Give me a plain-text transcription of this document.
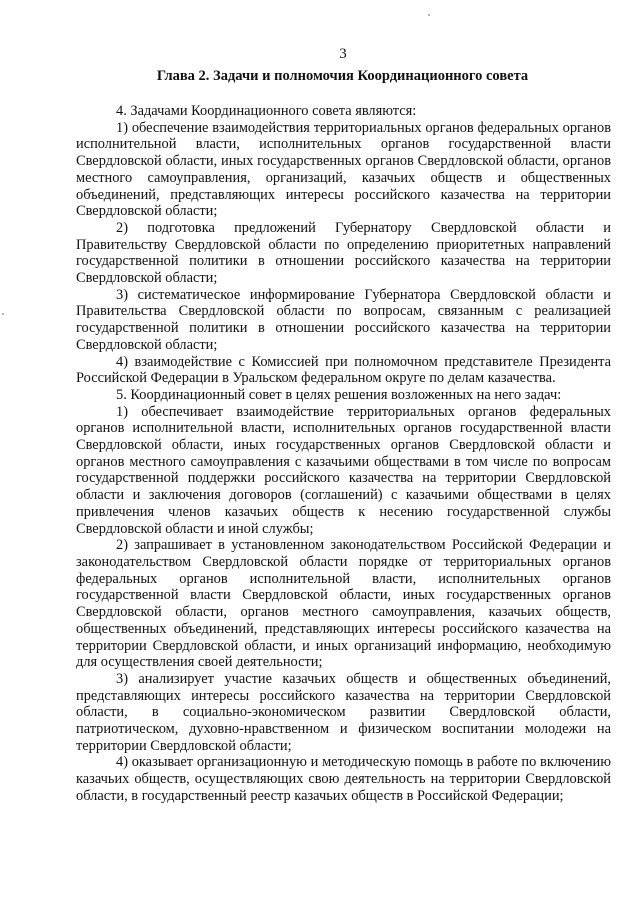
3
Глава 2. Задачи и полномочия Координационного совета

4. Задачами Координационного совета являются:

1) обеспечение взаимодействия территориальных органов федеральных органов исполнительной власти, исполнительных органов государственной власти Свердловской области, иных государственных органов Свердловской области, органов местного самоуправления, организаций, казачьих обществ и общественных объединений, представляющих интересы российского казачества на территории Свердловской области;

2) подготовка предложений Губернатору Свердловской области и Правительству Свердловской области по определению приоритетных направлений государственной политики в отношении российского казачества на территории Свердловской области;

3) систематическое информирование Губернатора Свердловской области и Правительства Свердловской области по вопросам, связанным с реализацией государственной политики в отношении российского казачества на территории Свердловской области;

4) взаимодействие с Комиссией при полномочном представителе Президента Российской Федерации в Уральском федеральном округе по делам казачества.

5. Координационный совет в целях решения возложенных на него задач:

1) обеспечивает взаимодействие территориальных органов федеральных органов исполнительной власти, исполнительных органов государственной власти Свердловской области, иных государственных органов Свердловской области и органов местного самоуправления с казачьими обществами в том числе по вопросам государственной поддержки российского казачества на территории Свердловской области и заключения договоров (соглашений) с казачьими обществами в целях привлечения членов казачьих обществ к несению государственной службы Свердловской области и иной службы;

2) запрашивает в установленном законодательством Российской Федерации и законодательством Свердловской области порядке от территориальных органов федеральных органов исполнительной власти, исполнительных органов государственной власти Свердловской области, иных государственных органов Свердловской области, органов местного самоуправления, казачьих обществ, общественных объединений, представляющих интересы российского казачества на территории Свердловской области, и иных организаций информацию, необходимую для осуществления своей деятельности;

3) анализирует участие казачьих обществ и общественных объединений, представляющих интересы российского казачества на территории Свердловской области, в социально-экономическом развитии Свердловской области, патриотическом, духовно-нравственном и физическом воспитании молодежи на территории Свердловской области;

4) оказывает организационную и методическую помощь в работе по включению казачьих обществ, осуществляющих свою деятельность на территории Свердловской области, в государственный реестр казачьих обществ в Российской Федерации;
